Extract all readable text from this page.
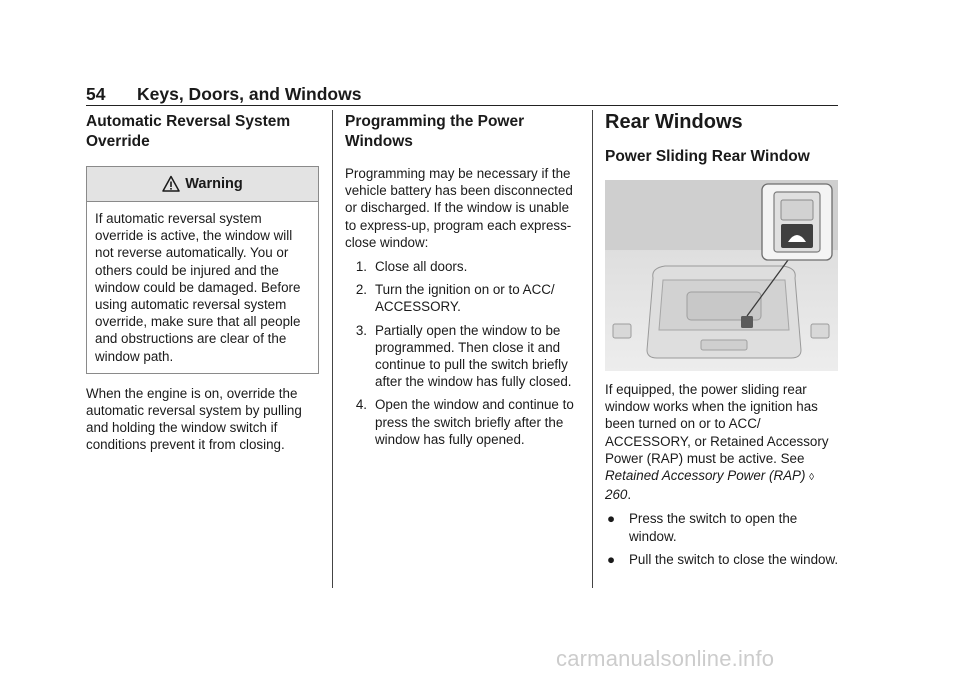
54 Keys, Doors, and Windows
Automatic Reversal System Override
Warning
If automatic reversal system override is active, the window will not reverse automatically. You or others could be injured and the window could be damaged. Before using automatic reversal system override, make sure that all people and obstructions are clear of the window path.

When the engine is on, override the automatic reversal system by pulling and holding the window switch if conditions prevent it from closing.

Programming the Power Windows

Programming may be necessary if the vehicle battery has been disconnected or discharged. If the window is unable to express-up, program each express-close window:

1. Close all doors.
2. Turn the ignition on or to ACC/ ACCESSORY.
3. Partially open the window to be programmed. Then close it and continue to pull the switch briefly after the window has fully closed.
4. Open the window and continue to press the switch briefly after the window has fully opened.
Rear Windows
Power Sliding Rear Window

If equipped, the power sliding rear window works when the ignition has been turned on or to ACC/ ACCESSORY, or Retained Accessory Power (RAP) must be active. See Retained Accessory Power (RAP) ◊ 260.

● Press the switch to open the window.
● Pull the switch to close the window.
carmanualsonline.info
